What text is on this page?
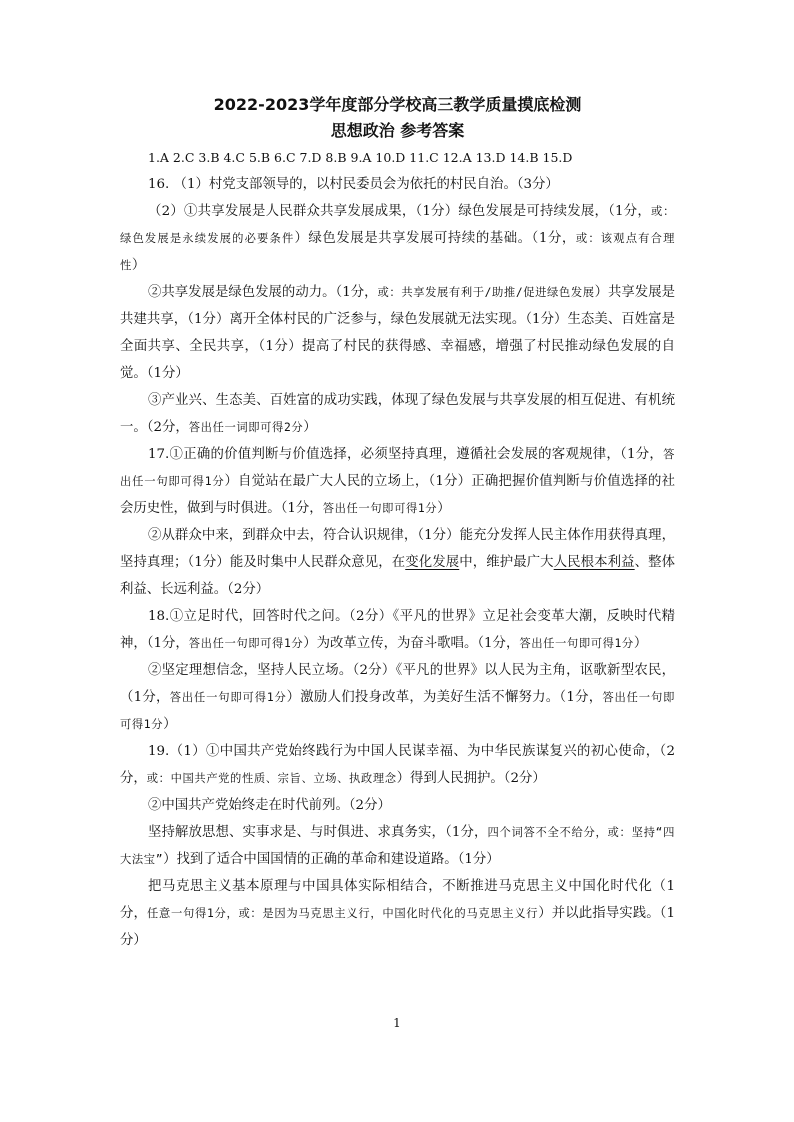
2022-2023学年度部分学校高三教学质量摸底检测
思想政治 参考答案

1.A 2.C 3.B 4.C 5.B 6.C 7.D 8.B 9.A 10.D 11.C 12.A 13.D 14.B 15.D

16. （1）村党支部领导的，以村民委员会为依托的村民自治。（3分）

（2）①共享发展是人民群众共享发展成果，（1分）绿色发展是可持续发展，（1分，或：绿色发展是永续发展的必要条件）绿色发展是共享发展可持续的基础。（1分，或：该观点有合理性）

②共享发展是绿色发展的动力。（1分，或：共享发展有利于/助推/促进绿色发展）共享发展是共建共享，（1分）离开全体村民的广泛参与，绿色发展就无法实现。（1分）生态美、百姓富是全面共享、全民共享，（1分）提高了村民的获得感、幸福感，增强了村民推动绿色发展的自觉。（1分）

③产业兴、生态美、百姓富的成功实践，体现了绿色发展与共享发展的相互促进、有机统一。（2分，答出任一词即可得2分）

17.①正确的价值判断与价值选择，必须坚持真理，遵循社会发展的客观规律，（1分，答出任一句即可得1分）自觉站在最广大人民的立场上，（1分）正确把握价值判断与价值选择的社会历史性，做到与时俱进。（1分，答出任一句即可得1分）

②从群众中来，到群众中去，符合认识规律，（1分）能充分发挥人民主体作用获得真理，坚持真理；（1分）能及时集中人民群众意见，在变化发展中，维护最广大人民根本利益、整体利益、长远利益。（2分）

18.①立足时代，回答时代之问。（2分）《平凡的世界》立足社会变革大潮，反映时代精神，（1分，答出任一句即可得1分）为改革立传，为奋斗歌唱。（1分，答出任一句即可得1分）

②坚定理想信念，坚持人民立场。（2分）《平凡的世界》以人民为主角，讴歌新型农民，（1分，答出任一句即可得1分）激励人们投身改革，为美好生活不懈努力。（1分，答出任一句即可得1分）

19.（1）①中国共产党始终践行为中国人民谋幸福、为中华民族谋复兴的初心使命，（2分，或：中国共产党的性质、宗旨、立场、执政理念）得到人民拥护。（2分）

②中国共产党始终走在时代前列。（2分）

坚持解放思想、实事求是、与时俱进、求真务实，（1分，四个词答不全不给分，或：坚持“四大法宝”）找到了适合中国国情的正确的革命和建设道路。（1分）

把马克思主义基本原理与中国具体实际相结合，不断推进马克思主义中国化时代化（1分，任意一句得1分，或：是因为马克思主义行，中国化时代化的马克思主义行）并以此指导实践。（1分）

1
